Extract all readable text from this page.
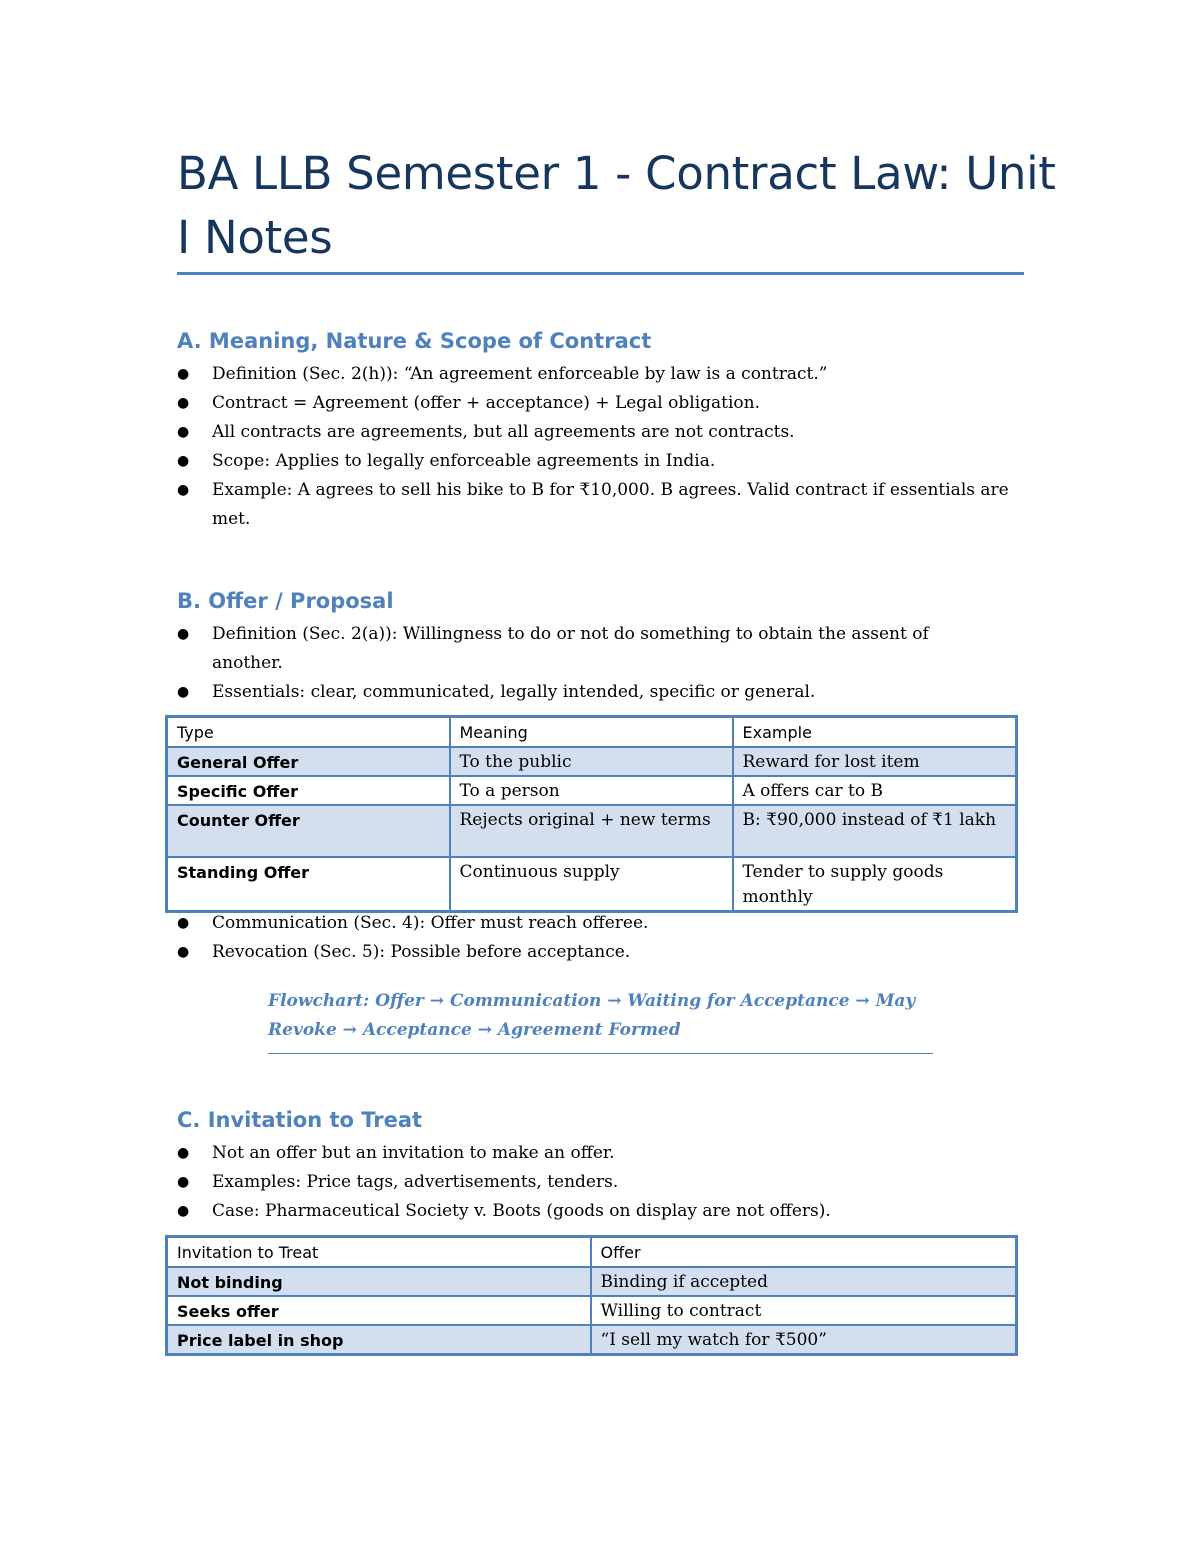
BA LLB Semester 1 - Contract Law: Unit I Notes
A. Meaning, Nature & Scope of Contract
● Definition (Sec. 2(h)): “An agreement enforceable by law is a contract.”
● Contract = Agreement (offer + acceptance) + Legal obligation.
● All contracts are agreements, but all agreements are not contracts.
● Scope: Applies to legally enforceable agreements in India.
● Example: A agrees to sell his bike to B for ₹10,000. B agrees. Valid contract if essentials are met.
B. Offer / Proposal
● Definition (Sec. 2(a)): Willingness to do or not do something to obtain the assent of another.
● Essentials: clear, communicated, legally intended, specific or general.
Type	Meaning	Example
General Offer	To the public	Reward for lost item
Specific Offer	To a person	A offers car to B
Counter Offer	Rejects original + new terms	B: ₹90,000 instead of ₹1 lakh
Standing Offer	Continuous supply	Tender to supply goods monthly
● Communication (Sec. 4): Offer must reach offeree.
● Revocation (Sec. 5): Possible before acceptance.
Flowchart: Offer → Communication → Waiting for Acceptance → May Revoke → Acceptance → Agreement Formed
C. Invitation to Treat
● Not an offer but an invitation to make an offer.
● Examples: Price tags, advertisements, tenders.
● Case: Pharmaceutical Society v. Boots (goods on display are not offers).
Invitation to Treat	Offer
Not binding	Binding if accepted
Seeks offer	Willing to contract
Price label in shop	“I sell my watch for ₹500”
